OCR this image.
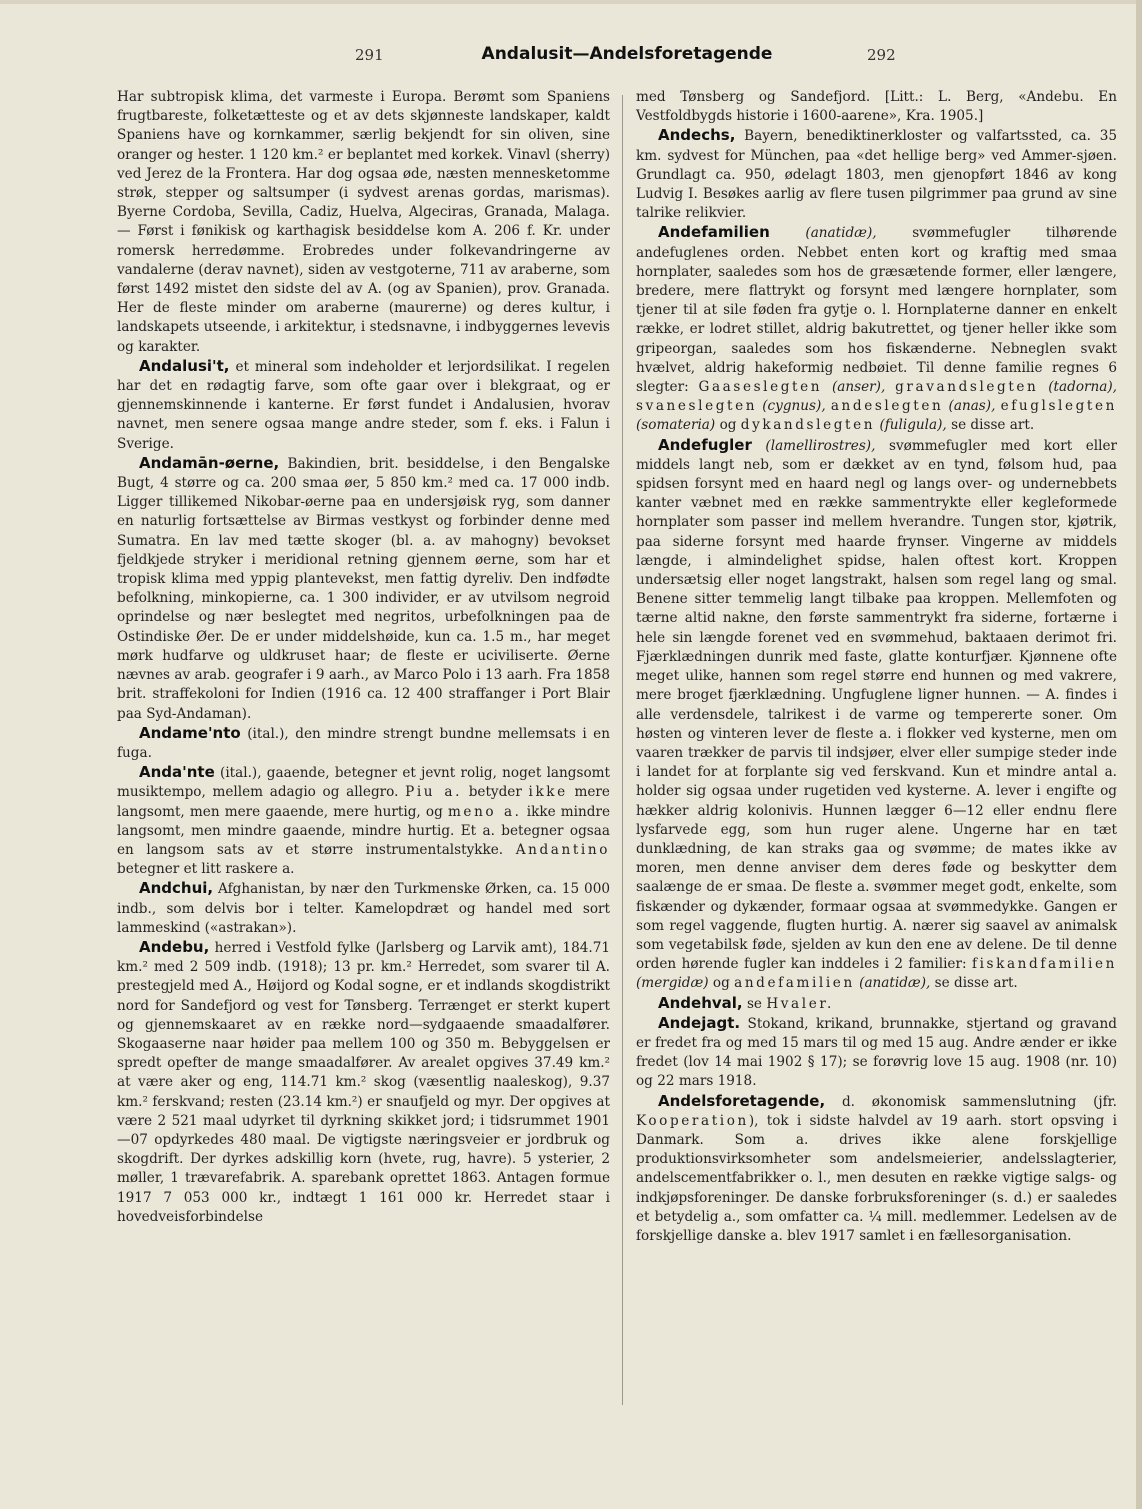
291	Andalusit—Andelsforetagende	292

Har subtropisk klima, det varmeste i Europa. Berømt som Spaniens frugtbareste, folketætteste og et av dets skjønneste landskaper, kaldt Spaniens have og kornkammer, særlig bekjendt for sin oliven, sine oranger og hester. 1 120 km.² er beplantet med korkek. Vinavl (sherry) ved Jerez de la Frontera. Har dog ogsaa øde, næsten mennesketomme strøk, stepper og saltsumper (i sydvest arenas gordas, marismas). Byerne Cordoba, Sevilla, Cadiz, Huelva, Algeciras, Granada, Malaga. — Først i fønikisk og karthagisk besiddelse kom A. 206 f. Kr. under romersk herredømme. Erobredes under folkevandringerne av vandalerne (derav navnet), siden av vestgoterne, 711 av araberne, som først 1492 mistet den sidste del av A. (og av Spanien), prov. Granada. Her de fleste minder om araberne (maurerne) og deres kultur, i landskapets utseende, i arkitektur, i stedsnavne, i indbyggernes levevis og karakter.

Andalusi't, et mineral som indeholder et lerjordsilikat. I regelen har det en rødagtig farve, som ofte gaar over i blekgraat, og er gjennemskinnende i kanterne. Er først fundet i Andalusien, hvorav navnet, men senere ogsaa mange andre steder, som f. eks. i Falun i Sverige.

Andamān-øerne, Bakindien, brit. besiddelse, i den Bengalske Bugt, 4 større og ca. 200 smaa øer, 5 850 km.² med ca. 17 000 indb. Ligger tillikemed Nikobar-øerne paa en undersjøisk ryg, som danner en naturlig fortsættelse av Birmas vestkyst og forbinder denne med Sumatra. En lav med tætte skoger (bl. a. av mahogny) bevokset fjeldkjede stryker i meridional retning gjennem øerne, som har et tropisk klima med yppig plantevekst, men fattig dyreliv. Den indfødte befolkning, minkopierne, ca. 1 300 individer, er av utvilsom negroid oprindelse og nær beslegtet med negritos, urbefolkningen paa de Ostindiske Øer. De er under middelshøide, kun ca. 1.5 m., har meget mørk hudfarve og uldkruset haar; de fleste er uciviliserte. Øerne nævnes av arab. geografer i 9 aarh., av Marco Polo i 13 aarh. Fra 1858 brit. straffekoloni for Indien (1916 ca. 12 400 straffanger i Port Blair paa Syd-Andaman).

Andame'nto (ital.), den mindre strengt bundne mellemsats i en fuga.

Anda'nte (ital.), gaaende, betegner et jevnt rolig, noget langsomt musiktempo, mellem adagio og allegro. Piu a. betyder ikke mere langsomt, men mere gaaende, mere hurtig, og meno a. ikke mindre langsomt, men mindre gaaende, mindre hurtig. Et a. betegner ogsaa en langsom sats av et større instrumentalstykke. Andantino betegner et litt raskere a.

Andchui, Afghanistan, by nær den Turkmenske Ørken, ca. 15 000 indb., som delvis bor i telter. Kamelopdræt og handel med sort lammeskind («astrakan»).

Andebu, herred i Vestfold fylke (Jarlsberg og Larvik amt), 184.71 km.² med 2 509 indb. (1918); 13 pr. km.² Herredet, som svarer til A. prestegjeld med A., Høijord og Kodal sogne, er et indlands skogdistrikt nord for Sandefjord og vest for Tønsberg. Terrænget er sterkt kupert og gjennemskaaret av en række nord—sydgaaende smaadalfører. Skogaaserne naar høider paa mellem 100 og 350 m. Bebyggelsen er spredt opefter de mange smaadalfører. Av arealet opgives 37.49 km.² at være aker og eng, 114.71 km.² skog (væsentlig naaleskog), 9.37 km.² ferskvand; resten (23.14 km.²) er snaufjeld og myr. Der opgives at være 2 521 maal udyrket til dyrkning skikket jord; i tidsrummet 1901—07 opdyrkedes 480 maal. De vigtigste næringsveier er jordbruk og skogdrift. Der dyrkes adskillig korn (hvete, rug, havre). 5 ysterier, 2 møller, 1 trævarefabrik. A. sparebank oprettet 1863. Antagen formue 1917 7 053 000 kr., indtægt 1 161 000 kr. Herredet staar i hovedveisforbindelse

med Tønsberg og Sandefjord. [Litt.: L. Berg, «Andebu. En Vestfoldbygds historie i 1600-aarene», Kra. 1905.]

Andechs, Bayern, benediktinerkloster og valfartssted, ca. 35 km. sydvest for München, paa «det hellige berg» ved Ammer-sjøen. Grundlagt ca. 950, ødelagt 1803, men gjenopført 1846 av kong Ludvig I. Besøkes aarlig av flere tusen pilgrimmer paa grund av sine talrike relikvier.

Andefamilien	(anatidæ),	svømmefugler tilhørende andefuglenes orden. Nebbet enten kort og kraftig med smaa hornplater, saaledes som hos de græsætende former, eller længere, bredere, mere flattrykt og forsynt med længere hornplater, som tjener til at sile føden fra gytje o. l. Hornplaterne danner en enkelt række, er lodret stillet, aldrig bakutrettet, og tjener heller ikke som gripeorgan, saaledes som hos fiskænderne. Nebneglen svakt hvælvet, aldrig hakeformig nedbøiet. Til denne familie regnes 6 slegter: Gaaseslegten (anser), gravandslegten (tadorna), svaneslegten (cygnus), andeslegten (anas), efuglslegten (somateria) og dykandslegten (fuligula), se disse art.

Andefugler (lamellirostres), svømmefugler med kort eller middels langt neb, som er dækket av en tynd, følsom hud, paa spidsen forsynt med en haard negl og langs over- og undernebbets kanter væbnet med en række sammentrykte eller kegleformede hornplater som passer ind mellem hverandre. Tungen stor, kjøtrik, paa siderne forsynt med haarde frynser. Vingerne av middels længde, i almindelighet spidse, halen oftest kort. Kroppen undersætsig eller noget langstrakt, halsen som regel lang og smal. Benene sitter temmelig langt tilbake paa kroppen. Mellemfoten og tærne altid nakne, den første sammentrykt fra siderne, fortærne i hele sin længde forenet ved en svømmehud, baktaaen derimot fri. Fjærklædningen dunrik med faste, glatte konturfjær. Kjønnene ofte meget ulike, hannen som regel større end hunnen og med vakrere, mere broget fjærklædning. Ungfuglene ligner hunnen. — A. findes i alle verdensdele, talrikest i de varme og tempererte soner. Om høsten og vinteren lever de fleste a. i flokker ved kysterne, men om vaaren trækker de parvis til indsjøer, elver eller sumpige steder inde i landet for at forplante sig ved ferskvand. Kun et mindre antal a. holder sig ogsaa under rugetiden ved kysterne. A. lever i engifte og hækker aldrig kolonivis. Hunnen lægger 6—12 eller endnu flere lysfarvede egg, som hun ruger alene. Ungerne har en tæt dunklædning, de kan straks gaa og svømme; de mates ikke av moren, men denne anviser dem deres føde og beskytter dem saalænge de er smaa. De fleste a. svømmer meget godt, enkelte, som fiskænder og dykænder, formaar ogsaa at svømmedykke. Gangen er som regel vaggende, flugten hurtig. A. nærer sig saavel av animalsk som vegetabilsk føde, sjelden av kun den ene av delene. De til denne orden hørende fugler kan inddeles i 2 familier: fiskandfamilien (mergidæ) og andefamilien (anatidæ), se disse art.

Andehval, se Hvaler.

Andejagt. Stokand, krikand, brunnakke, stjertand og gravand er fredet fra og med 15 mars til og med 15 aug. Andre ænder er ikke fredet (lov 14 mai 1902 § 17); se forøvrig love 15 aug. 1908 (nr. 10) og 22 mars 1918.

Andelsforetagende, d. økonomisk sammenslutning (jfr. Kooperation), tok i sidste halvdel av 19 aarh. stort opsving i Danmark. Som a. drives ikke alene forskjellige produktionsvirksomheter som andelsmeierier, andelsslagterier, andelscementfabrikker o. l., men desuten en række vigtige salgs- og indkjøpsforeninger. De danske forbruksforeninger (s. d.) er saaledes et betydelig a., som omfatter ca. ¼ mill. medlemmer. Ledelsen av de forskjellige danske a. blev 1917 samlet i en fællesorganisation.
